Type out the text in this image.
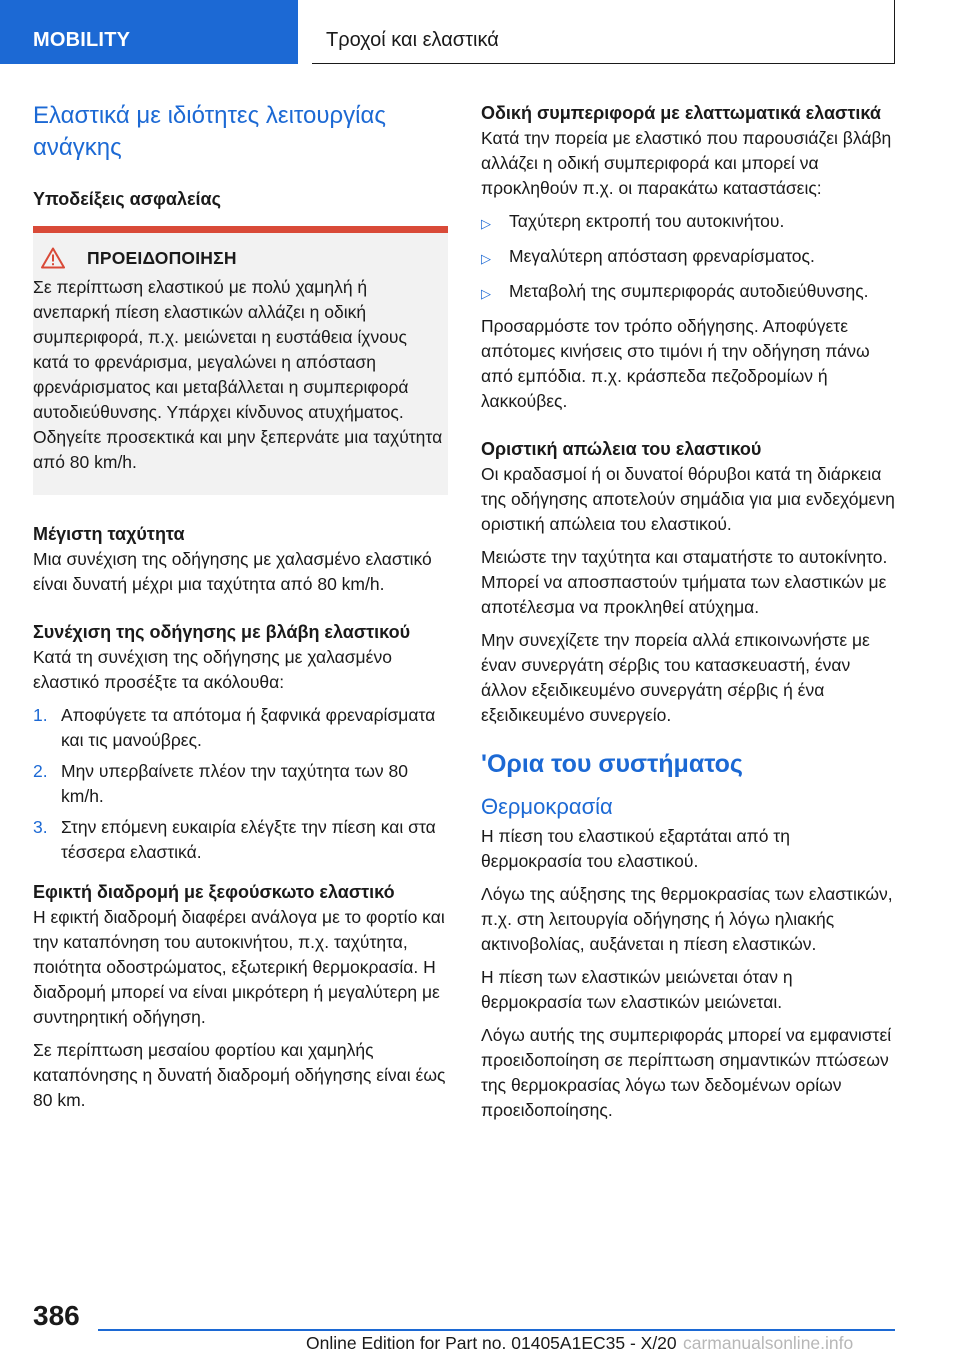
MOBILITY	Τροχοί και ελαστικά
Ελαστικά με ιδιότητες λειτουργίας ανάγκης
Υποδείξεις ασφαλείας
ΠΡΟΕΙΔΟΠΟΙΗΣΗ

Σε περίπτωση ελαστικού με πολύ χαμηλή ή ανεπαρκή πίεση ελαστικών αλλάζει η οδική συμπεριφορά, π.χ. μειώνεται η ευστάθεια ίχνους κατά το φρενάρισμα, μεγαλώνει η απόσταση φρενάρισματος και μεταβάλλεται η συμπεριφορά αυτοδιεύθυνσης. Υπάρχει κίνδυνος ατυχήματος. Οδηγείτε προσεκτικά και μην ξεπερνάτε μια ταχύτητα από 80 km/h.

Μέγιστη ταχύτητα

Μια συνέχιση της οδήγησης με χαλασμένο ελαστικό είναι δυνατή μέχρι μια ταχύτητα από 80 km/h.

Συνέχιση της οδήγησης με βλάβη ελαστικού

Κατά τη συνέχιση της οδήγησης με χαλασμένο ελαστικό προσέξτε τα ακόλουθα:

1. Αποφύγετε τα απότομα ή ξαφνικά φρεναρίσματα και τις μανούβρες.
2. Μην υπερβαίνετε πλέον την ταχύτητα των 80 km/h.
3. Στην επόμενη ευκαιρία ελέγξτε την πίεση και στα τέσσερα ελαστικά.
Εφικτή διαδρομή με ξεφούσκωτο ελαστικό

Η εφικτή διαδρομή διαφέρει ανάλογα με το φορτίο και την καταπόνηση του αυτοκινήτου, π.χ. ταχύτητα, ποιότητα οδοστρώματος, εξωτερική θερμοκρασία. Η διαδρομή μπορεί να είναι μικρότερη ή μεγαλύτερη με συντηρητική οδήγηση.

Σε περίπτωση μεσαίου φορτίου και χαμηλής καταπόνησης η δυνατή διαδρομή οδήγησης είναι έως 80 km.

Οδική συμπεριφορά με ελαττωματικά ελαστικά

Κατά την πορεία με ελαστικό που παρουσιάζει βλάβη αλλάζει η οδική συμπεριφορά και μπορεί να προκληθούν π.χ. οι παρακάτω καταστάσεις:

▷	Ταχύτερη εκτροπή του αυτοκινήτου.
▷	Μεγαλύτερη απόσταση φρεναρίσματος.
▷	Μεταβολή της συμπεριφοράς αυτοδιεύθυνσης.

Προσαρμόστε τον τρόπο οδήγησης. Αποφύγετε απότομες κινήσεις στο τιμόνι ή την οδήγηση πάνω από εμπόδια. π.χ. κράσπεδα πεζοδρομίων ή λακκούβες.

Οριστική απώλεια του ελαστικού

Οι κραδασμοί ή οι δυνατοί θόρυβοι κατά τη διάρκεια της οδήγησης αποτελούν σημάδια για μια ενδεχόμενη οριστική απώλεια του ελαστικού.

Μειώστε την ταχύτητα και σταματήστε το αυτοκίνητο. Μπορεί να αποσπαστούν τμήματα των ελαστικών με αποτέλεσμα να προκληθεί ατύχημα.

Μην συνεχίζετε την πορεία αλλά επικοινωνήστε με έναν συνεργάτη σέρβις του κατασκευαστή, έναν άλλον εξειδικευμένο συνεργάτη σέρβις ή ένα εξειδικευμένο συνεργείο.

'Ορια του συστήματος
Θερμοκρασία

Η πίεση του ελαστικού εξαρτάται από τη θερμοκρασία του ελαστικού.

Λόγω της αύξησης της θερμοκρασίας των ελαστικών, π.χ. στη λειτουργία οδήγησης ή λόγω ηλιακής ακτινοβολίας, αυξάνεται η πίεση ελαστικών.

Η πίεση των ελαστικών μειώνεται όταν η θερμοκρασία των ελαστικών μειώνεται.

Λόγω αυτής της συμπεριφοράς μπορεί να εμφανιστεί προειδοποίηση σε περίπτωση σημαντικών πτώσεων της θερμοκρασίας λόγω των δεδομένων ορίων προειδοποίησης.

386
Online Edition for Part no. 01405A1EC35 - X/20 carmanualsonline.info
